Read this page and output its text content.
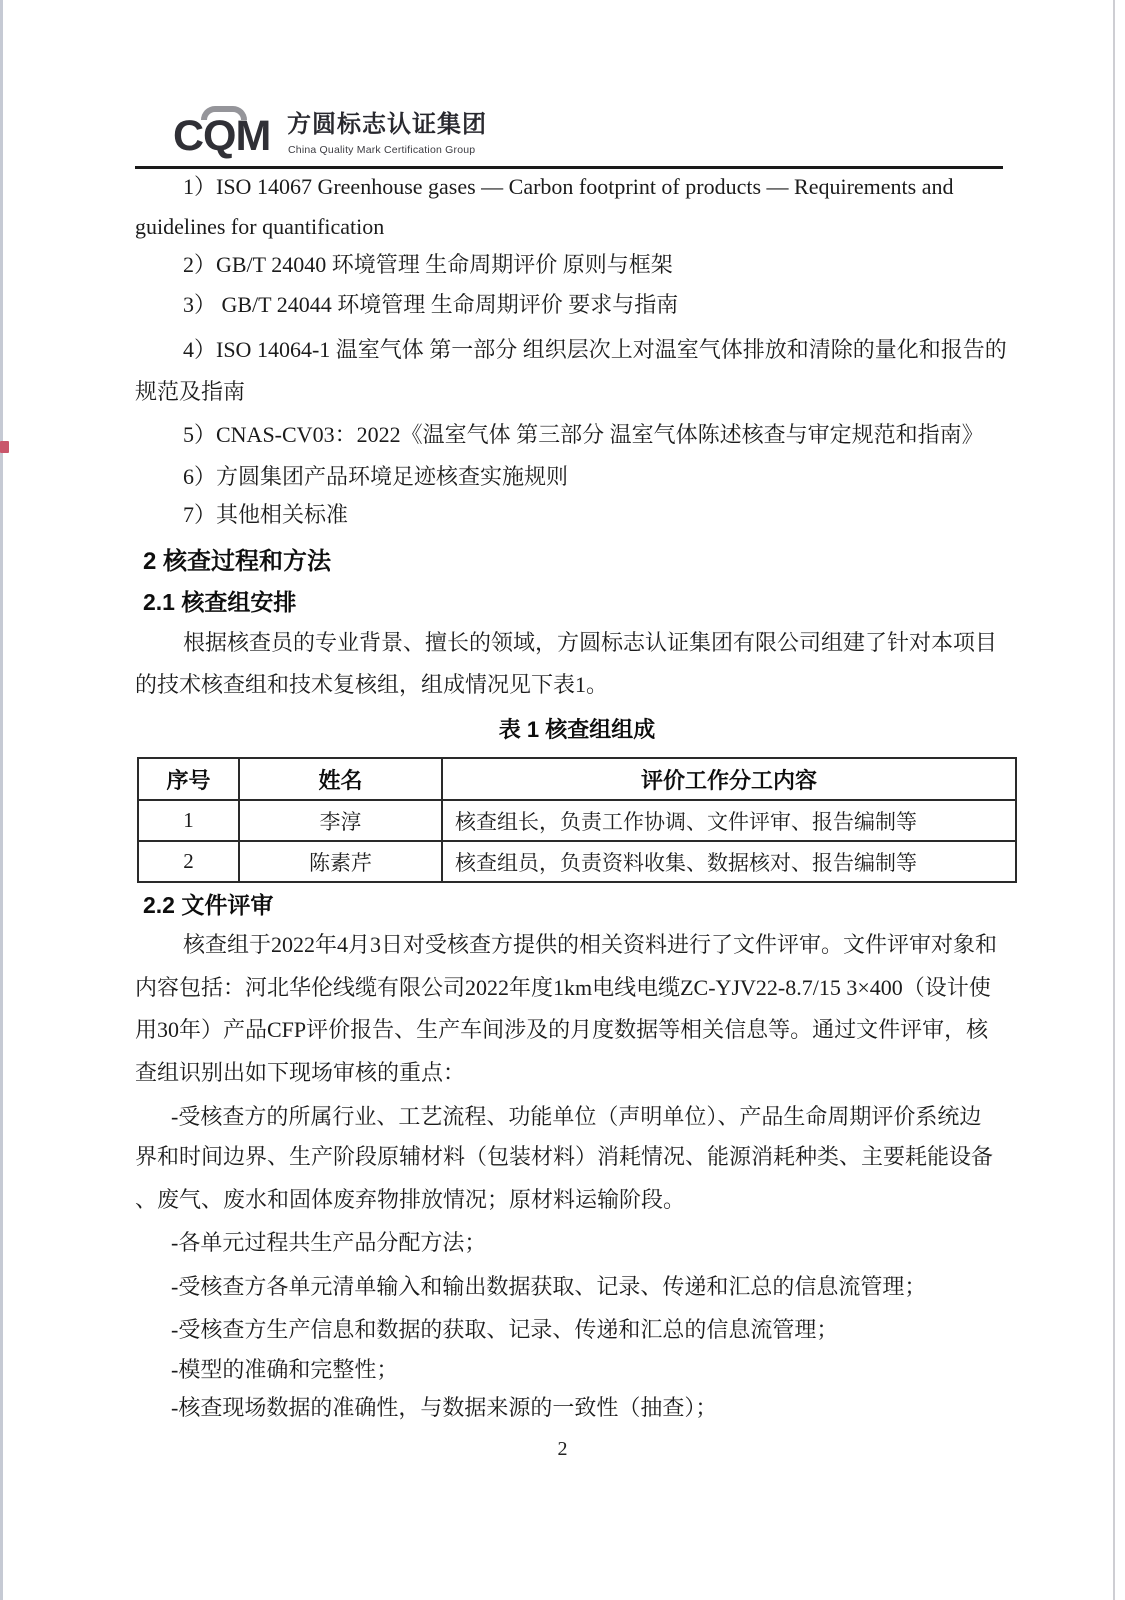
CQM 方圆标志认证集团
China Quality Mark Certification Group
1）ISO 14067 Greenhouse gases — Carbon footprint of products — Requirements and
guidelines for quantification
2）GB/T 24040 环境管理 生命周期评价 原则与框架
3） GB/T 24044 环境管理 生命周期评价 要求与指南
4）ISO 14064-1 温室气体 第一部分 组织层次上对温室气体排放和清除的量化和报告的
规范及指南
5）CNAS-CV03：2022《温室气体 第三部分 温室气体陈述核查与审定规范和指南》
6）方圆集团产品环境足迹核查实施规则
7）其他相关标准
2 核查过程和方法
2.1 核查组安排
根据核查员的专业背景、擅长的领域，方圆标志认证集团有限公司组建了针对本项目
的技术核查组和技术复核组，组成情况见下表1。
表 1 核查组组成
序号	姓名	评价工作分工内容
1	李淳	核查组长，负责工作协调、文件评审、报告编制等
2	陈素芹	核查组员，负责资料收集、数据核对、报告编制等
2.2 文件评审
核查组于2022年4月3日对受核查方提供的相关资料进行了文件评审。文件评审对象和
内容包括：河北华伦线缆有限公司2022年度1km电线电缆ZC-YJV22-8.7/15 3×400（设计使
用30年）产品CFP评价报告、生产车间涉及的月度数据等相关信息等。通过文件评审，核
查组识别出如下现场审核的重点：
-受核查方的所属行业、工艺流程、功能单位（声明单位）、产品生命周期评价系统边
界和时间边界、生产阶段原辅材料（包装材料）消耗情况、能源消耗种类、主要耗能设备
、废气、废水和固体废弃物排放情况；原材料运输阶段。
-各单元过程共生产品分配方法；
-受核查方各单元清单输入和输出数据获取、记录、传递和汇总的信息流管理；
-受核查方生产信息和数据的获取、记录、传递和汇总的信息流管理；
-模型的准确和完整性；
-核查现场数据的准确性，与数据来源的一致性（抽查）；
2
